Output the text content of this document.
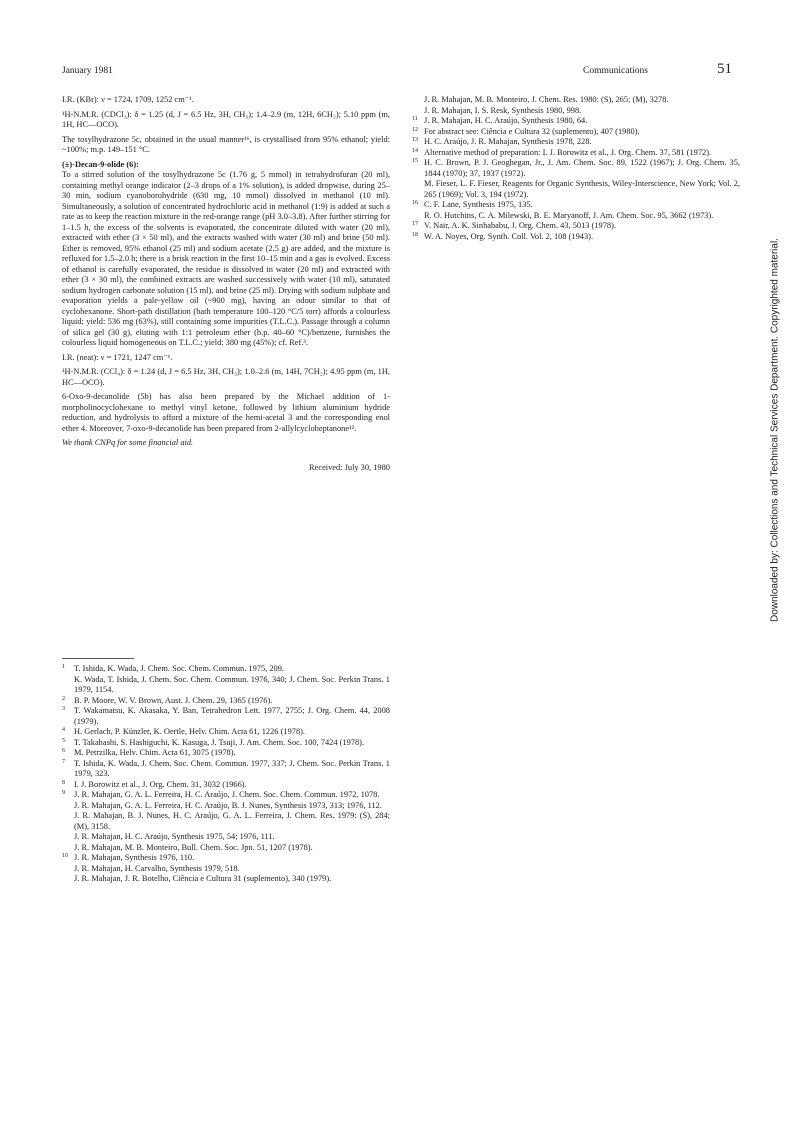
January 1981	Communications	51

I.R. (KBr): ν = 1724, 1709, 1252 cm⁻¹.

¹H-N.M.R. (CDCl₃): δ = 1.25 (d, J = 6.5 Hz, 3H, CH₃); 1.4–2.9 (m, 12H, 6CH₂); 5.10 ppm (m, 1H, HC—OCO).

The tosylhydrazone 5c, obtained in the usual manner¹⁶, is crystallised from 95% ethanol; yield: ~100%; m.p. 149–151 °C.

(±)-Decan-9-olide (6):

To a stirred solution of the tosylhydrazone 5c (1.76 g, 5 mmol) in tetrahydrofuran (20 ml), containing methyl orange indicator (2–3 drops of a 1% solution), is added dropwise, during 25–30 min, sodium cyanoborohydride (630 mg, 10 mmol) dissolved in methanol (10 ml). Simultaneously, a solution of concentrated hydrochloric acid in methanol (1:9) is added at such a rate as to keep the reaction mixture in the red-orange range (pH 3.0–3.8). After further stirring for 1–1.5 h, the excess of the solvents is evaporated, the concentrate diluted with water (20 ml), extracted with ether (3 × 50 ml), and the extracts washed with water (30 ml) and brine (50 ml). Ether is removed, 95% ethanol (25 ml) and sodium acetate (2.5 g) are added, and the mixture is refluxed for 1.5–2.0 h; there is a brisk reaction in the first 10–15 min and a gas is evolved. Excess of ethanol is carefully evaporated, the residue is dissolved in water (20 ml) and extracted with ether (3 × 30 ml), the combined extracts are washed successively with water (10 ml), saturated sodium hydrogen carbonate solution (15 ml), and brine (25 ml). Drying with sodium sulphate and evaporation yields a pale-yellow oil (~900 mg), having an odour similar to that of cyclohexanone. Short-path distillation (bath temperature 100–120 °C/5 torr) affords a colourless liquid; yield: 536 mg (63%), still containing some impurities (T.L.C.). Passage through a column of silica gel (30 g), eluting with 1:1 petroleum ether (b.p. 40–60 °C)/benzene, furnishes the colourless liquid homogeneous on T.L.C.; yield: 380 mg (45%); cf. Ref.³.

I.R. (neat): ν = 1721, 1247 cm⁻¹.

¹H-N.M.R. (CCl₄): δ = 1.24 (d, J = 6.5 Hz, 3H, CH₃); 1.0–2.6 (m, 14H, 7CH₂); 4.95 ppm (m, 1H, HC—OCO).

6-Oxo-9-decanolide (5b) has also been prepared by the Michael addition of 1-morpholinocyclohexane to methyl vinyl ketone, followed by lithium aluminium hydride reduction, and hydrolysis to afford a mixture of the hemi-acetal 3 and the corresponding enol ether 4. Moreover, 7-oxo-9-decanolide has been prepared from 2-allylcycloheptanone¹².

We thank CNPq for some financial aid.

Received: July 30, 1980

1 T. Ishida, K. Wada, J. Chem. Soc. Chem. Commun. 1975, 209.
K. Wada, T. Ishida, J. Chem. Soc. Chem. Commun. 1976, 340; J. Chem. Soc. Perkin Trans. 1 1979, 1154.
2 B. P. Moore, W. V. Brown, Aust. J. Chem. 29, 1365 (1976).
3 T. Wakamatsu, K. Akasaka, Y. Ban, Tetrahedron Lett. 1977, 2755; J. Org. Chem. 44, 2008 (1979).
4 H. Gerlach, P. Künzler, K. Oertle, Helv. Chim. Acta 61, 1226 (1978).
5 T. Takahashi, S. Hashiguchi, K. Kasuga, J. Tsuji, J. Am. Chem. Soc. 100, 7424 (1978).
6 M. Petrzilka, Helv. Chim. Acta 61, 3075 (1978).
7 T. Ishida, K. Wada, J. Chem. Soc. Chem. Commun. 1977, 337; J. Chem. Soc. Perkin Trans. 1 1979, 323.
8 I. J. Borowitz et al., J. Org. Chem. 31, 3032 (1966).
9 J. R. Mahajan, G. A. L. Ferreira, H. C. Araújo, J. Chem. Soc. Chem. Commun. 1972, 1078.
J. R. Mahajan, G. A. L. Ferreira, H. C. Araújo, B. J. Nunes, Synthesis 1973, 313; 1976, 112.
J. R. Mahajan, B. J. Nunes, H. C. Araújo, G. A. L. Ferreira, J. Chem. Res. 1979: (S), 284; (M), 3158.
J. R. Mahajan, H. C. Araújo, Synthesis 1975, 54; 1976, 111.
J. R. Mahajan, M. B. Monteiro, Bull. Chem. Soc. Jpn. 51, 1207 (1978).
10 J. R. Mahajan, Synthesis 1976, 110.
J. R. Mahajan, H. Carvalho, Synthesis 1979, 518.
J. R. Mahajan, J. R. Botelho, Ciência e Cultura 31 (suplemento), 340 (1979).
J. R. Mahajan, M. B. Monteiro, J. Chem. Res. 1980: (S), 265; (M), 3278.
J. R. Mahajan, I. S. Resk, Synthesis 1980, 998.
11 J. R. Mahajan, H. C. Araújo, Synthesis 1980, 64.
12 For abstract see: Ciência e Cultura 32 (suplemento), 407 (1980).
13 H. C. Araújo, J. R. Mahajan, Synthesis 1978, 228.
14 Alternative method of preparation: I. J. Borowitz et al., J. Org. Chem. 37, 581 (1972).
15 H. C. Brown, P. J. Geoghegan, Jr., J. Am. Chem. Soc. 89, 1522 (1967); J. Org. Chem. 35, 1844 (1970); 37, 1937 (1972).
M. Fieser, L. F. Fieser, Reagents for Organic Synthesis, Wiley-Interscience, New York; Vol. 2, 265 (1969); Vol. 3, 194 (1972).
16 C. F. Lane, Synthesis 1975, 135.
R. O. Hutchins, C. A. Milewski, B. E. Maryanoff, J. Am. Chem. Soc. 95, 3662 (1973).
17 V. Nair, A. K. Sinhababu, J. Org. Chem. 43, 5013 (1978).
18 W. A. Noyes, Org. Synth. Coll. Vol. 2, 108 (1943).
Downloaded by: Collections and Technical Services Department. Copyrighted material.
